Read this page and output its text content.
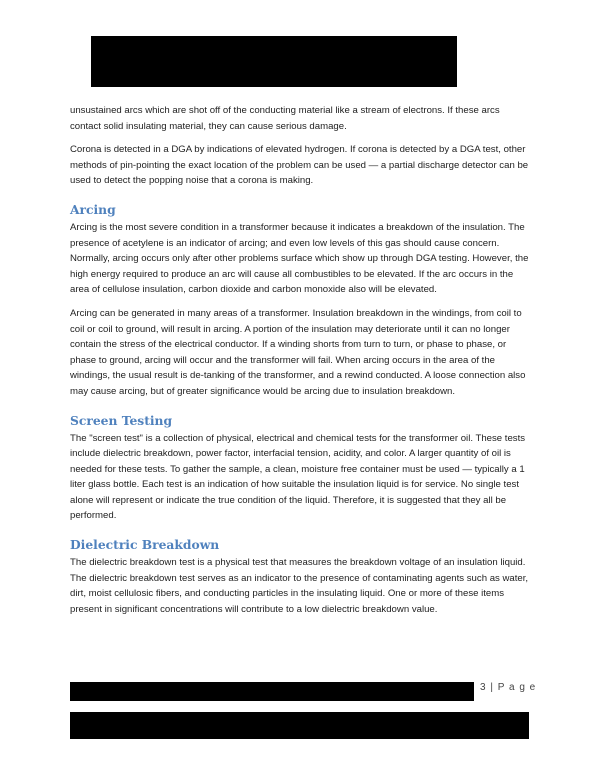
unsustained arcs which are shot off of the conducting material like a stream of electrons. If these arcs contact solid insulating material, they can cause serious damage.

Corona is detected in a DGA by indications of elevated hydrogen. If corona is detected by a DGA test, other methods of pin-pointing the exact location of the problem can be used — a partial discharge detector can be used to detect the popping noise that a corona is making.

Arcing

Arcing is the most severe condition in a transformer because it indicates a breakdown of the insulation. The presence of acetylene is an indicator of arcing; and even low levels of this gas should cause concern. Normally, arcing occurs only after other problems surface which show up through DGA testing. However, the high energy required to produce an arc will cause all combustibles to be elevated. If the arc occurs in the area of cellulose insulation, carbon dioxide and carbon monoxide also will be elevated.

Arcing can be generated in many areas of a transformer. Insulation breakdown in the windings, from coil to coil or coil to ground, will result in arcing. A portion of the insulation may deteriorate until it can no longer contain the stress of the electrical conductor. If a winding shorts from turn to turn, or phase to phase, or phase to ground, arcing will occur and the transformer will fail. When arcing occurs in the area of the windings, the usual result is de-tanking of the transformer, and a rewind conducted. A loose connection also may cause arcing, but of greater significance would be arcing due to insulation breakdown.

Screen Testing

The "screen test" is a collection of physical, electrical and chemical tests for the transformer oil. These tests include dielectric breakdown, power factor, interfacial tension, acidity, and color. A larger quantity of oil is needed for these tests. To gather the sample, a clean, moisture free container must be used — typically a 1 liter glass bottle. Each test is an indication of how suitable the insulation liquid is for service. No single test alone will represent or indicate the true condition of the liquid. Therefore, it is suggested that they all be performed.

Dielectric Breakdown

The dielectric breakdown test is a physical test that measures the breakdown voltage of an insulation liquid. The dielectric breakdown test serves as an indicator to the presence of contaminating agents such as water, dirt, moist cellulosic fibers, and conducting particles in the insulating liquid. One or more of these items present in significant concentrations will contribute to a low dielectric breakdown value.

3 | P a g e
